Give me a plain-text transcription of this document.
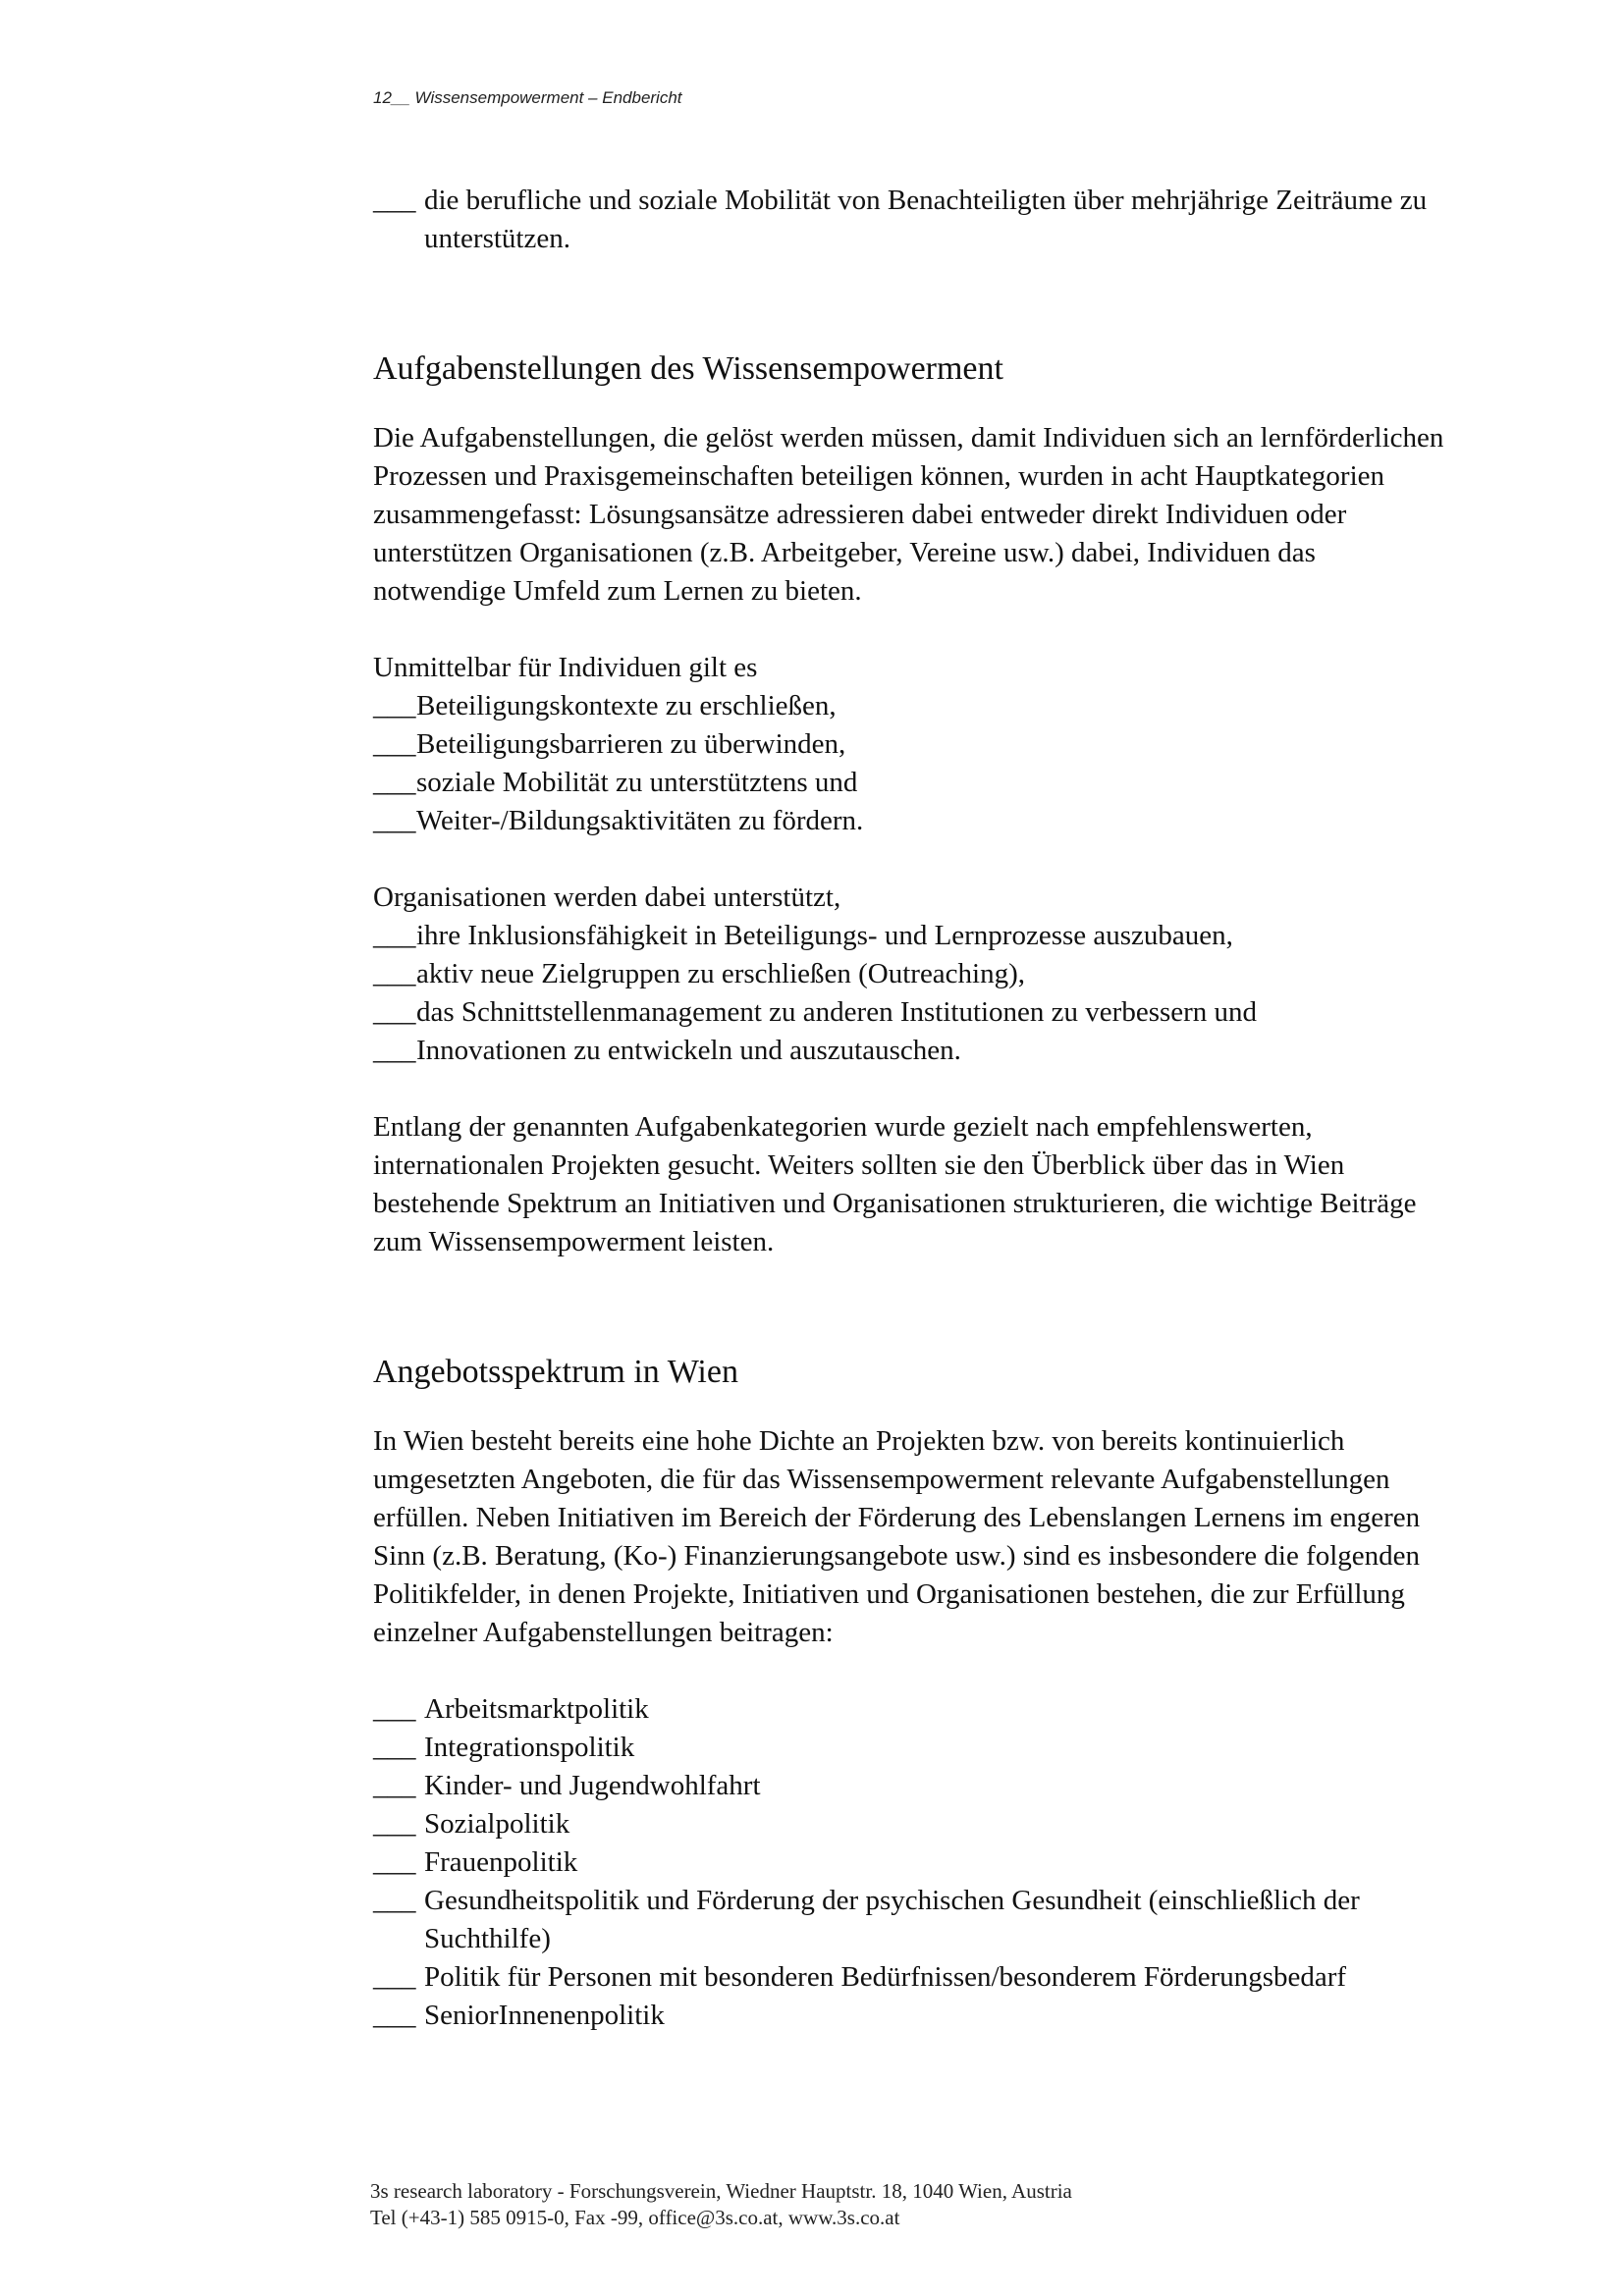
12__ Wissensempowerment – Endbericht
___ die berufliche und soziale Mobilität von Benachteiligten über mehrjährige Zeiträume zu unterstützen.
Aufgabenstellungen des Wissensempowerment

Die Aufgabenstellungen, die gelöst werden müssen, damit Individuen sich an lernförderlichen Prozessen und Praxisgemeinschaften beteiligen können, wurden in acht Hauptkategorien zusammengefasst: Lösungsansätze adressieren dabei entweder direkt Individuen oder unterstützen Organisationen (z.B. Arbeitgeber, Vereine usw.) dabei, Individuen das notwendige Umfeld zum Lernen zu bieten.

Unmittelbar für Individuen gilt es

___ Beteiligungskontexte zu erschließen,
___ Beteiligungsbarrieren zu überwinden,
___ soziale Mobilität zu unterstütztens und
___ Weiter-/Bildungsaktivitäten zu fördern.

Organisationen werden dabei unterstützt,

___ ihre Inklusionsfähigkeit in Beteiligungs- und Lernprozesse auszubauen,
___ aktiv neue Zielgruppen zu erschließen (Outreaching),
___ das Schnittstellenmanagement zu anderen Institutionen zu verbessern und
___ Innovationen zu entwickeln und auszutauschen.

Entlang der genannten Aufgabenkategorien wurde gezielt nach empfehlenswerten, internationalen Projekten gesucht. Weiters sollten sie den Überblick über das in Wien bestehende Spektrum an Initiativen und Organisationen strukturieren, die wichtige Beiträge zum Wissensempowerment leisten.

Angebotsspektrum in Wien

In Wien besteht bereits eine hohe Dichte an Projekten bzw. von bereits kontinuierlich umgesetzten Angeboten, die für das Wissensempowerment relevante Aufgabenstellungen erfüllen. Neben Initiativen im Bereich der Förderung des Lebenslangen Lernens im engeren Sinn (z.B. Beratung, (Ko-) Finanzierungsangebote usw.) sind es insbesondere die folgenden Politikfelder, in denen Projekte, Initiativen und Organisationen bestehen, die zur Erfüllung einzelner Aufgabenstellungen beitragen:

___ Arbeitsmarktpolitik
___ Integrationspolitik
___ Kinder- und Jugendwohlfahrt
___ Sozialpolitik
___ Frauenpolitik
___ Gesundheitspolitik und Förderung der psychischen Gesundheit (einschließlich der Suchthilfe)
___ Politik für Personen mit besonderen Bedürfnissen/besonderem Förderungsbedarf
___ SeniorInnenenpolitik

3s research laboratory - Forschungsverein, Wiedner Hauptstr. 18, 1040 Wien, Austria

Tel (+43-1) 585 0915-0, Fax -99, office@3s.co.at, www.3s.co.at
